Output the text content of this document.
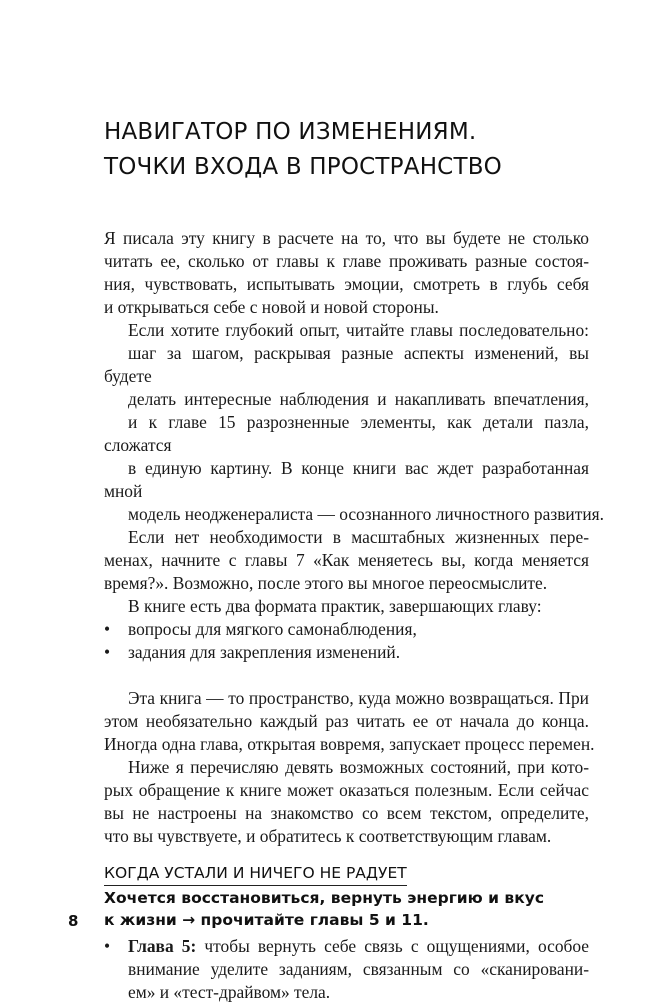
НАВИГАТОР ПО ИЗМЕНЕНИЯМ.
ТОЧКИ ВХОДА В ПРОСТРАНСТВО

Я писала эту книгу в расчете на то, что вы будете не столько
читать ее, сколько от главы к главе проживать разные состоя-
ния, чувствовать, испытывать эмоции, смотреть в глубь себя
и открываться себе с новой и новой стороны.

Если хотите глубокий опыт, читайте главы последовательно:
шаг за шагом, раскрывая разные аспекты изменений, вы будете
делать интересные наблюдения и накапливать впечатления,
и к главе 15 разрозненные элементы, как детали пазла, сложатся
в единую картину. В конце книги вас ждет разработанная мной
модель неодженералиста — осознанного личностного развития.

Если нет необходимости в масштабных жизненных пере-
менах, начните с главы 7 «Как меняетесь вы, когда меняется
время?». Возможно, после этого вы многое переосмыслите.

В книге есть два формата практик, завершающих главу:

• вопросы для мягкого самонаблюдения,
• задания для закрепления изменений.

Эта книга — то пространство, куда можно возвращаться. При
этом необязательно каждый раз читать ее от начала до конца.
Иногда одна глава, открытая вовремя, запускает процесс перемен.

Ниже я перечисляю девять возможных состояний, при кото-
рых обращение к книге может оказаться полезным. Если сейчас
вы не настроены на знакомство со всем текстом, определите,
что вы чувствуете, и обратитесь к соответствующим главам.

КОГДА УСТАЛИ И НИЧЕГО НЕ РАДУЕТ
Хочется восстановиться, вернуть энергию и вкус
к жизни → прочитайте главы 5 и 11.
• Глава 5: чтобы вернуть себе связь с ощущениями, особое
внимание уделите заданиям, связанным со «сканировани-
ем» и «тест-драйвом» тела.
8
